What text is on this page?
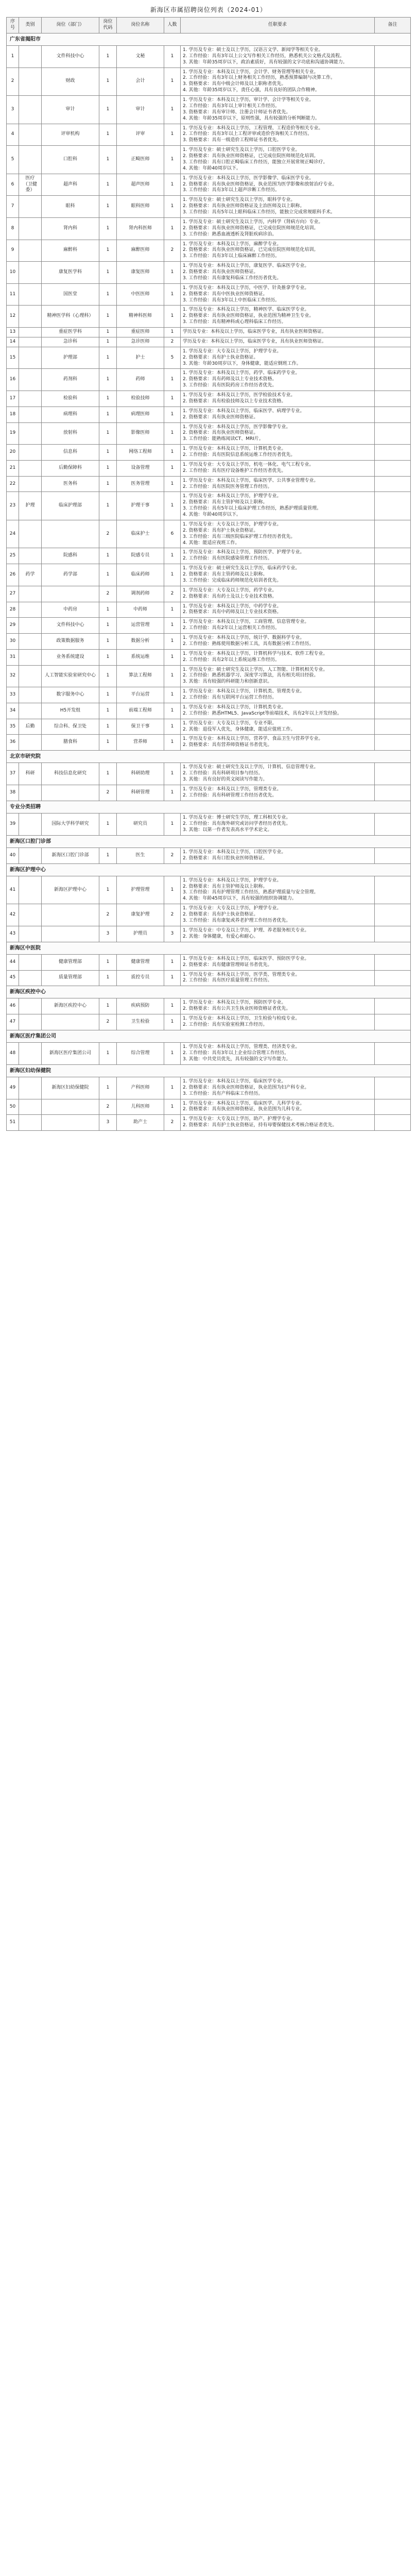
新海区市属招聘岗位列表（2024-01）
序号	类别	岗位（部门）	岗位代码	岗位名称	人数	任职要求	备注
广东省揭阳市							
1		文件科技中心	1	文秘	1	1. 学历及专业：硕士及以上学历，汉语言文学、新闻学等相关专业。
2. 工作经验：具有3年以上公文写作相关工作经历，熟悉机关公文格式及流程。
3. 其他：年龄35周岁以下，政治素质好，具有较强的文字功底和沟通协调能力。	
2		财政	1	会计	1	1. 学历及专业：本科及以上学历，会计学、财务管理等相关专业。
2. 工作经验：具有3年以上财务相关工作经历，熟悉预算编制与决算工作。
3. 资格要求：具有中级会计师及以上职称者优先。
4. 其他：年龄35周岁以下，责任心强，具有良好的团队合作精神。	
3		审计	1	审计	1	1. 学历及专业：本科及以上学历，审计学、会计学等相关专业。
2. 工作经验：具有3年以上审计相关工作经历。
3. 资格要求：具有审计师、注册会计师证书者优先。
4. 其他：年龄35周岁以下，原则性强，具有较强的分析判断能力。	
4		评审机构	1	评审	1	1. 学历及专业：本科及以上学历，工程管理、工程造价等相关专业。
2. 工作经验：具有3年以上工程评审或造价咨询相关工作经历。
3. 资格要求：具有一级造价工程师证书者优先。	
5		口腔科	1	正畸医师	1	1. 学历及专业：硕士研究生及以上学历，口腔医学专业。
2. 资格要求：具有执业医师资格证，已完成住院医师规范化培训。
3. 工作经验：具有口腔正畸临床工作经历，能独立开展常规正畸诊疗。
4. 其他：年龄40周岁以下。	
6	医疗（卫健委）	超声科	1	超声医师	1	1. 学历及专业：本科及以上学历，医学影像学、临床医学专业。
2. 资格要求：具有执业医师资格证，执业范围为医学影像和放射治疗专业。
3. 工作经验：具有3年以上超声诊断工作经历。	
7		眼科	1	眼科医师	1	1. 学历及专业：硕士研究生及以上学历，眼科学专业。
2. 资格要求：具有执业医师资格证及主治医师及以上职称。
3. 工作经验：具有5年以上眼科临床工作经历，能独立完成常规眼科手术。	
8		肾内科	1	肾内科医师	1	1. 学历及专业：硕士研究生及以上学历，内科学（肾病方向）专业。
2. 资格要求：具有执业医师资格证，已完成住院医师规范化培训。
3. 工作经验：熟悉血液透析及肾脏疾病诊治。	
9		麻醉科	1	麻醉医师	2	1. 学历及专业：本科及以上学历，麻醉学专业。
2. 资格要求：具有执业医师资格证，已完成住院医师规范化培训。
3. 工作经验：具有3年以上临床麻醉工作经历。	
10		康复医学科	1	康复医师	1	1. 学历及专业：本科及以上学历，康复医学、临床医学专业。
2. 资格要求：具有执业医师资格证。
3. 工作经验：具有康复科临床工作经历者优先。	
11		国医堂	1	中医医师	1	1. 学历及专业：本科及以上学历，中医学、针灸推拿学专业。
2. 资格要求：具有中医执业医师资格证。
3. 工作经验：具有3年以上中医临床工作经历。	
12		精神医学科（心理科）	1	精神科医师	1	1. 学历及专业：本科及以上学历，精神医学、临床医学专业。
2. 资格要求：具有执业医师资格证，执业范围为精神卫生专业。
3. 工作经验：具有精神科或心理科临床工作经历。	
13		重症医学科	1	重症医师	1	学历及专业：本科及以上学历，临床医学专业，具有执业医师资格证。	
14		急诊科	1	急诊医师	2	学历及专业：本科及以上学历，临床医学专业，具有执业医师资格证。	
15		护理部	1	护士	5	1. 学历及专业：大专及以上学历，护理学专业。
2. 资格要求：具有护士执业资格证。
3. 其他：年龄30周岁以下，身体健康，能适应倒班工作。	
16		药剂科	1	药师	1	1. 学历及专业：本科及以上学历，药学、临床药学专业。
2. 资格要求：具有药师及以上专业技术资格。
3. 工作经验：具有医院药房工作经历者优先。	
17		检验科	1	检验技师	1	1. 学历及专业：本科及以上学历，医学检验技术专业。
2. 资格要求：具有检验技师及以上专业技术资格。	
18		病理科	1	病理医师	1	1. 学历及专业：本科及以上学历，临床医学、病理学专业。
2. 资格要求：具有执业医师资格证。	
19		放射科	1	影像医师	1	1. 学历及专业：本科及以上学历，医学影像学专业。
2. 资格要求：具有执业医师资格证。
3. 工作经验：能熟练阅读CT、MRI片。	
20		信息科	1	网络工程师	1	1. 学历及专业：本科及以上学历，计算机类专业。
2. 工作经验：具有医院信息系统运维工作经历者优先。	
21		后勤保障科	1	设备管理	1	1. 学历及专业：大专及以上学历，机电一体化、电气工程专业。
2. 工作经验：具有医疗设备维护工作经历者优先。	
22		医务科	1	医务管理	1	1. 学历及专业：本科及以上学历，临床医学、公共事业管理专业。
2. 工作经验：具有医院医务管理工作经历。	
23	护理	临床护理部	1	护理干事	1	1. 学历及专业：本科及以上学历，护理学专业。
2. 资格要求：具有主管护师及以上职称。
3. 工作经验：具有5年以上临床护理工作经历，熟悉护理质量管理。
4. 其他：年龄40周岁以下。	
24			2	临床护士	6	1. 学历及专业：大专及以上学历，护理学专业。
2. 资格要求：具有护士执业资格证。
3. 工作经验：具有三级医院临床护理工作经历者优先。
4. 其他：能适应夜班工作。	
25		院感科	1	院感专员	1	1. 学历及专业：本科及以上学历，预防医学、护理学专业。
2. 工作经验：具有医院感染管理工作经历。	
26	药学	药学部	1	临床药师	1	1. 学历及专业：硕士研究生及以上学历，临床药学专业。
2. 资格要求：具有主管药师及以上职称。
3. 工作经验：完成临床药师规范化培训者优先。	
27			2	调剂药师	2	1. 学历及专业：大专及以上学历，药学专业。
2. 资格要求：具有药士及以上专业技术资格。	
28		中药房	1	中药师	1	1. 学历及专业：本科及以上学历，中药学专业。
2. 资格要求：具有中药师及以上专业技术资格。	
29		文件科技中心	1	运营管理	1	1. 学历及专业：本科及以上学历，工商管理、信息管理专业。
2. 工作经验：具有2年以上运营相关工作经历。	
30		政策数据服务	1	数据分析	1	1. 学历及专业：本科及以上学历，统计学、数据科学专业。
2. 工作经验：熟练使用数据分析工具，具有数据分析工作经历。	
31		业务系统建设	1	系统运维	1	1. 学历及专业：本科及以上学历，计算机科学与技术、软件工程专业。
2. 工作经验：具有2年以上系统运维工作经历。	
32		人工智能实验室研究中心	1	算法工程师	1	1. 学历及专业：硕士研究生及以上学历，人工智能、计算机相关专业。
2. 工作经验：熟悉机器学习、深度学习算法，具有相关项目经验。
3. 其他：具有较强的科研能力和创新意识。	
33		数字服务中心	1	平台运营	1	1. 学历及专业：本科及以上学历，计算机类、管理类专业。
2. 工作经验：具有互联网平台运营工作经历。	
34		H5开发组	1	前端工程师	1	1. 学历及专业：本科及以上学历，计算机类专业。
2. 工作经验：熟悉HTML5、JavaScript等前端技术，具有2年以上开发经验。	
35	后勤	综合科、保卫处	1	保卫干事	1	1. 学历及专业：大专及以上学历，专业不限。
2. 其他：退役军人优先，身体健康，能适应值班工作。	
36		膳食科	1	营养师	1	1. 学历及专业：本科及以上学历，营养学、食品卫生与营养学专业。
2. 资格要求：具有营养师资格证书者优先。	
北京市研究院							
37	科研	科技信息化研究	1	科研助理	1	1. 学历及专业：硕士研究生及以上学历，计算机、信息管理专业。
2. 工作经验：具有科研项目参与经历。
3. 其他：具有良好的英文阅读写作能力。	
38			2	科研管理	1	1. 学历及专业：本科及以上学历，管理类专业。
2. 工作经验：具有科研管理工作经历者优先。	
专业分类招聘							
39		国际大学科学研究	1	研究员	1	1. 学历及专业：博士研究生学历，理工科相关专业。
2. 工作经验：具有海外研究或访问学者经历者优先。
3. 其他：以第一作者发表高水平学术论文。	
新海区口腔门诊部							
40		新海区口腔门诊部	1	医生	2	1. 学历及专业：本科及以上学历，口腔医学专业。
2. 资格要求：具有口腔执业医师资格证。	
新海区护理中心							
41		新海区护理中心	1	护理管理	1	1. 学历及专业：本科及以上学历，护理学专业。
2. 资格要求：具有主管护师及以上职称。
3. 工作经验：具有护理管理工作经历，熟悉护理质量与安全管理。
4. 其他：年龄45周岁以下，具有较强的组织协调能力。	
42			2	康复护理	2	1. 学历及专业：大专及以上学历，护理学专业。
2. 资格要求：具有护士执业资格证。
3. 工作经验：具有康复或养老护理工作经历者优先。	
43			3	护理员	3	1. 学历及专业：中专及以上学历，护理、养老服务相关专业。
2. 其他：身体健康，有爱心和耐心。	
新海区中医院							
44		健康管理部	1	健康管理	1	1. 学历及专业：本科及以上学历，临床医学、预防医学专业。
2. 资格要求：具有健康管理师证书者优先。	
45		质量管理部	1	质控专员	1	1. 学历及专业：本科及以上学历，医学类、管理类专业。
2. 工作经验：具有医疗质量管理工作经历。	
新海区疾控中心							
46		新海区疾控中心	1	疾病预防	1	1. 学历及专业：本科及以上学历，预防医学专业。
2. 资格要求：具有公共卫生执业医师资格证者优先。	
47			2	卫生检验	1	1. 学历及专业：本科及以上学历，卫生检验与检疫专业。
2. 工作经验：具有实验室检测工作经历。	
新海区医疗集团公司							
48		新海区医疗集团公司	1	综合管理	1	1. 学历及专业：本科及以上学历，管理类、经济类专业。
2. 工作经验：具有3年以上企业综合管理工作经历。
3. 其他：中共党员优先，具有较强的文字写作能力。	
新海区妇幼保健院							
49		新海区妇幼保健院	1	产科医师	1	1. 学历及专业：本科及以上学历，临床医学专业。
2. 资格要求：具有执业医师资格证，执业范围为妇产科专业。
3. 工作经验：具有产科临床工作经历。	
50			2	儿科医师	1	1. 学历及专业：本科及以上学历，临床医学、儿科学专业。
2. 资格要求：具有执业医师资格证，执业范围为儿科专业。	
51			3	助产士	2	1. 学历及专业：大专及以上学历，助产、护理学专业。
2. 资格要求：具有护士执业资格证，持有母婴保健技术考核合格证者优先。	
